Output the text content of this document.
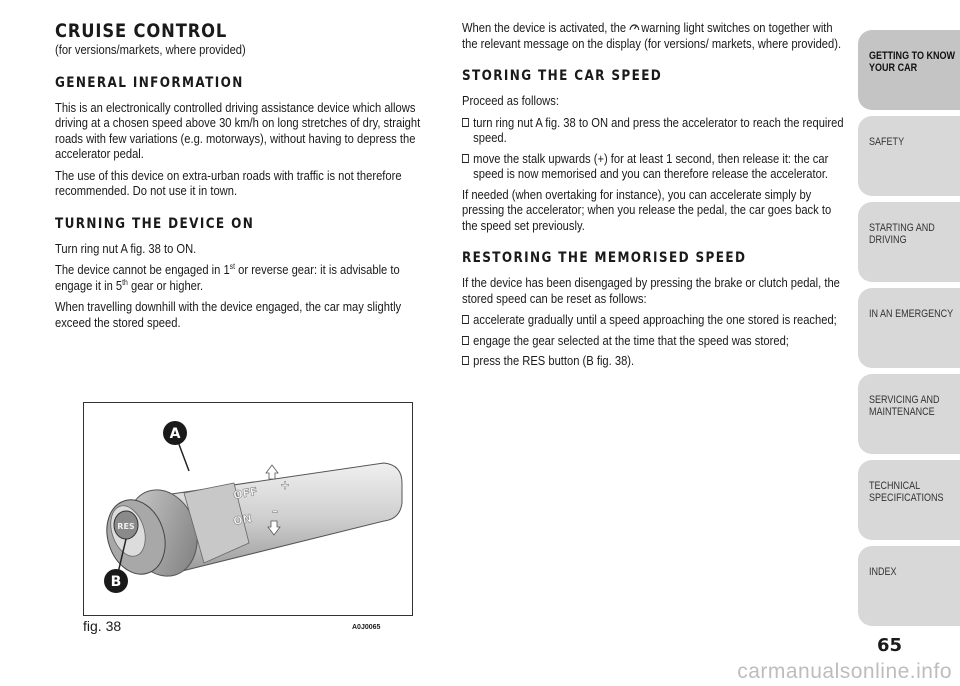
CRUISE CONTROL

(for versions/markets, where provided)

GENERAL INFORMATION

This is an electronically controlled driving assistance device which allows driving at a chosen speed above 30 km/h on long stretches of dry, straight roads with few variations (e.g. motorways), without having to depress the accelerator pedal.

The use of this device on extra-urban roads with traffic is not therefore recommended. Do not use it in town.

TURNING THE DEVICE ON

Turn ring nut A fig. 38 to ON.

The device cannot be engaged in 1st or reverse gear: it is advisable to engage it in 5th gear or higher.

When travelling downhill with the device engaged, the car may slightly exceed the stored speed.

RES
OFF
ON
+
–
A
B
fig. 38	A0J0065

When the device is activated, the warning light switches on together with the relevant message on the display (for versions/ markets, where provided).

STORING THE CAR SPEED

Proceed as follows:

turn ring nut A fig. 38 to ON and press the accelerator to reach the required speed.
move the stalk upwards (+) for at least 1 second, then release it: the car speed is now memorised and you can therefore release the accelerator.

If needed (when overtaking for instance), you can accelerate simply by pressing the accelerator; when you release the pedal, the car goes back to the speed set previously.

RESTORING THE MEMORISED SPEED

If the device has been disengaged by pressing the brake or clutch pedal, the stored speed can be reset as follows:

accelerate gradually until a speed approaching the one stored is reached;
engage the gear selected at the time that the speed was stored;
press the RES button (B fig. 38).
GETTING TO KNOW YOUR CAR
SAFETY
STARTING AND DRIVING
IN AN EMERGENCY
SERVICING AND MAINTENANCE
TECHNICAL SPECIFICATIONS
INDEX
65
carmanualsonline.info
